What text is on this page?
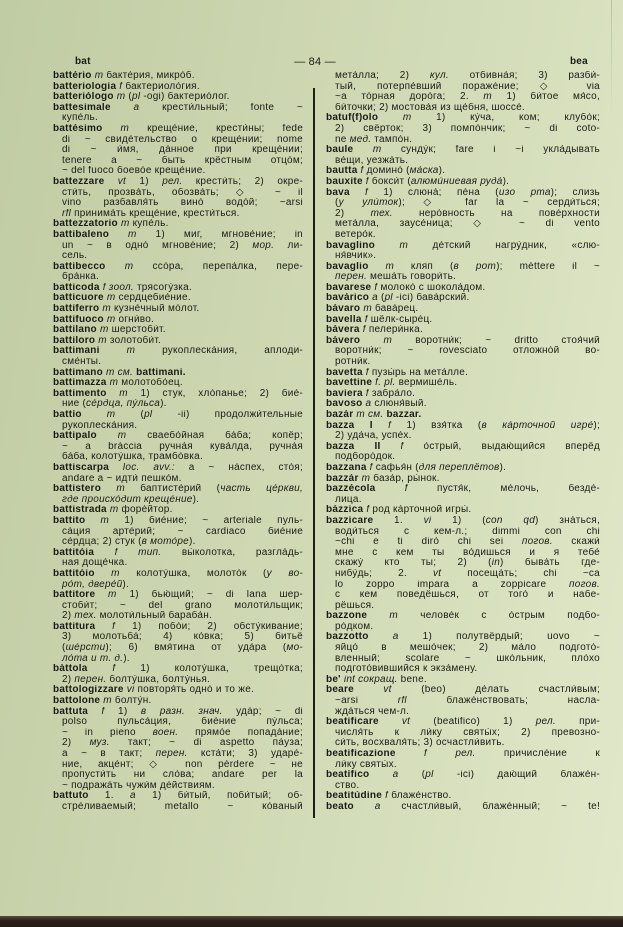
bat	— 84 —	bea
battério m бакте́рия, микро́б.
batteriologia f бактериоло́гия.
batteriólogo m (pl -ogi) бактерио́лог.
battesimale a крести́льный; fonte ~
купе́ль.
battésimo m креще́ние, крести́ны; fede
di ~ свиде́тельство о креще́нии; nome
di ~ и́мя, да́нное при креще́нии;
tenere a ~ быть крёстным отцо́м;
~ del fuoco боево́е креще́ние.
battezzare vt 1) рел. крести́ть; 2) окре-
сти́ть, прозва́ть, обозва́ть; ◇ ~ il
vino разбавля́ть вино́ водо́й; ~arsi
rfl принима́ть креще́ние, крести́ться.
battezzatorio m купе́ль.
battibaleno m 1) миг, мгнове́ние; in
un ~ в одно́ мгнове́ние; 2) мор. ли-
сель.
battibecco m ссо́ра, перепа́лка, пере-
бра́нка.
batticoda f зоол. трясогу́зка.
batticuore m сердцебие́ние.
battiferro m кузне́чный мо́лот.
battifuoco m огни́во.
battilano m шерстоби́т.
battiloro m золотоби́т.
battimani m рукоплеска́ния, аплоди-
сме́нты.
battimano m см. battimani.
battimazza m молотобо́ец.
battimento m 1) стук, хло́панье; 2) бие́-
ние (се́рдца, пу́льса).
battío m (pl -ii) продолжи́тельные
рукоплеска́ния.
battipalo m сваебо́йная ба́ба; копёр;
~ a bráccia ручна́я кува́лда, ручна́я
ба́ба, колоту́шка, трамбо́вка.
battiscarpa loc. avv.: a ~ на́спех, сто́я;
andare a ~ идти́ пешко́м.
battistero m баптисте́рий (часть це́ркви,
где происхо́дит креще́ние).
battistrada m форе́йтор.
battito m 1) бие́ние; ~ arteriale пуль-
са́ция арте́рий; ~ cardiaco бие́ние
се́рдца; 2) стук (в мото́ре).
battitóia f тип. вы́колотка, разгла́дь-
ная доще́чка.
battitóio m колоту́шка, молото́к (у во-
ро́т, двере́й).
battitore m 1) бью́щий; ~ di lana шер-
стоби́т; ~ del grano молоти́льщик;
2) тех. молоти́льный бараба́н.
battitura f 1) побо́и; 2) обсту́кивание;
3) молотьба́; 4) ко́вка; 5) битьё
(ше́рсти); 6) вмя́тина от уда́ра (мо-
ло́та и т. д.).
bàttola f 1) колоту́шка, трещо́тка;
2) перен. болту́шка, болту́нья.
battologizzare vi повторя́ть одно́ и то же.
battolone m болту́н.
battuta f 1) в разн. знач. уда́р; ~ di
polso пульса́ция, бие́ние пу́льса;
~ in pieno воен. прямо́е попада́ние;
2) муз. такт; ~ di aspetto па́уза;
a ~ в такт; перен. кста́ти; 3) ударе́-
ние, акце́нт; ◇ non pérdere ~ не
пропусти́ть ни сло́ва; andare per la
~ подража́ть чужи́м де́йствиям.
battuto 1. a 1) би́тый, поби́тый; об-
стре́ливаемый; metallo ~ ко́ваный
мета́лла; 2) кул. отбивна́я; 3) разби́-
тый, потерпе́вший пораже́ние; ◇ via
~a то́рная доро́га; 2. m 1) би́тое мя́со,
би́точки; 2) мостова́я из ще́бня, шоссе́.
batuf(f)olo m 1) ку́ча, ком; клубо́к;
2) свёрток; 3) помпо́нчик; ~ di coto-
ne мед. тампо́н.
baule m сунду́к; fare i ~i укла́дывать
ве́щи, уезжа́ть.
bautta f домино́ (ма́ска).
bauxite f бокси́т (алюми́ниевая руда́).
bava f 1) слюна́; пе́на (изо рта); слизь
(у ули́ток); ◇ far la ~ серди́ться;
2) тех. неро́вность на пове́рхности
мета́лла, заусе́ница; ◇ ~ di vento
ветеро́к.
bavaglino m де́тский нагру́дник, «слю-
ня́вчик».
bavaglio m кляп (в рот); méttere il ~
перен. меша́ть говори́ть.
bavarese f молоко́ с шокола́дом.
bavárico a (pl -ici) бава́рский.
bávaro m бава́рец.
bavella f шёлк-сыре́ц.
bávera f пелери́нка.
bávero m воротни́к; ~ dritto стоя́чий
воротни́к; ~ rovesciato отложно́й во-
ротни́к.
bavetta f пузы́рь на мета́лле.
bavettine f. pl. вермише́ль.
baviera f забра́ло.
bavoso a слюня́вый.
bazár m см. bazzar.
bazza I f 1) взя́тка (в ка́рточной игре́);
2) уда́ча, успе́х.
bazza II f о́стрый, выдаю́щийся вперёд
подборо́док.
bazzana f сафья́н (для переплётов).
bazzár m база́р, ры́нок.
bazzécola f пустя́к, ме́лочь, безде́-
лица.
bázzica f род ка́рточной игры́.
bazzicare 1. vi 1) (con qd) зна́ться,
води́ться с кем-л.; dimmi con chi
~chi e ti dirò chi sei погов. скажи́
мне с кем ты во́дишься и я тебе́
скажу́ кто ты; 2) (in) быва́ть где-
нибу́дь; 2. vt посеща́ть; chi ~ca
lo zoppo impara a zoppicare погов.
с кем поведёшься, от того́ и набе-
рёшься.
bazzone m челове́к с о́стрым подбо-
ро́дком.
bazzotto a 1) полутвёрдый; uovo ~
яйцо́ в мешо́чек; 2) ма́ло подгото́-
вленный; scolare ~ шко́льник, пло́хо
подгото́вившийся к экза́мену.
be' int сокращ. bene.
beare vt (beo) де́лать счастли́вым;
~arsi rfl блаже́нствовать; насла-
жда́ться чем-л.
beatificare vt (beatifico) 1) рел. при-
числя́ть к ли́ку святы́х; 2) превозно-
си́ть, восхваля́ть; 3) осчастли́вить.
beatificazione f рел. причисле́ние к
ли́ку святы́х.
beatífico a (pl -ici) даю́щий блаже́н-
ство.
beatitúdine f блаже́нство.
beato a счастли́вый, блаже́нный; ~ te!
